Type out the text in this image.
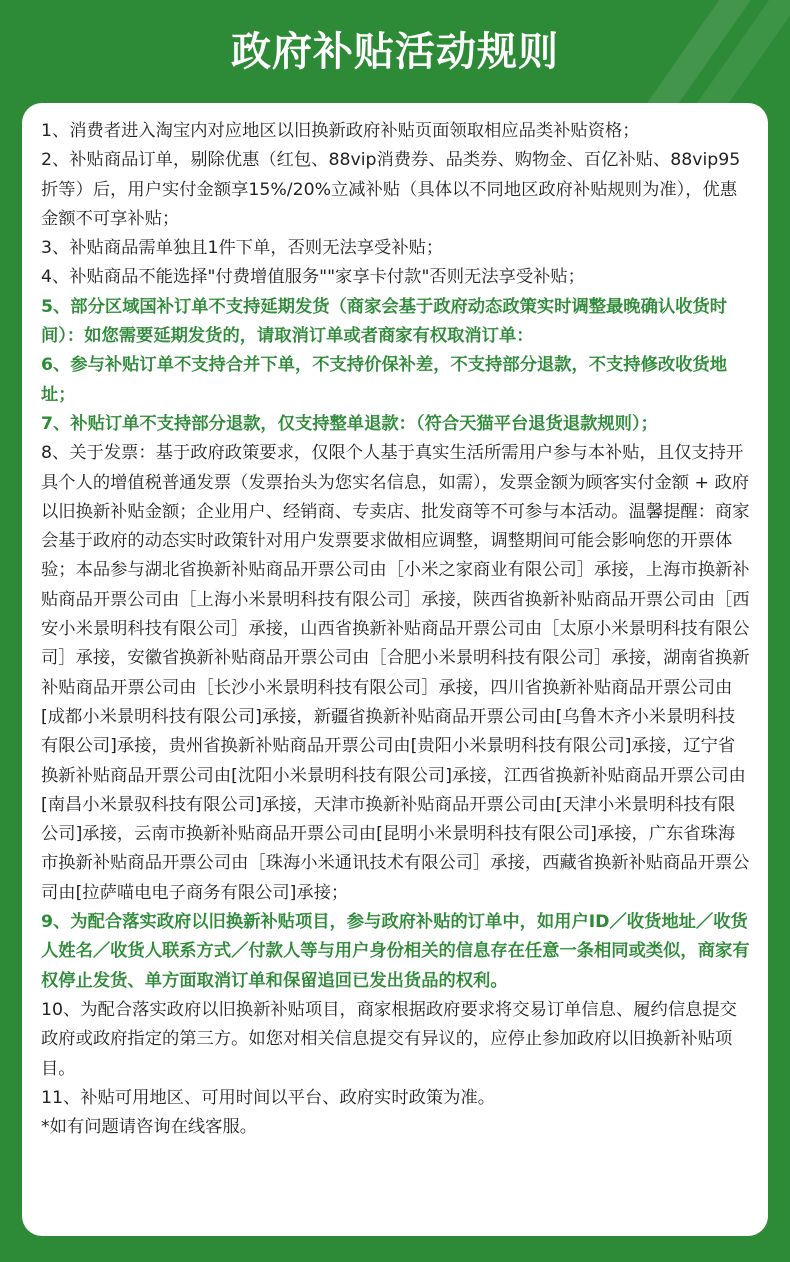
政府补贴活动规则

1、消费者进入淘宝内对应地区以旧换新政府补贴页面领取相应品类补贴资格；

2、补贴商品订单，剔除优惠（红包、88vip消费券、品类券、购物金、百亿补贴、88vip95折等）后，用户实付金额享15%/20%立减补贴（具体以不同地区政府补贴规则为准），优惠金额不可享补贴；

3、补贴商品需单独且1件下单，否则无法享受补贴；

4、补贴商品不能选择"付费增值服务""家享卡付款"否则无法享受补贴；

5、部分区域国补订单不支持延期发货（商家会基于政府动态政策实时调整最晚确认收货时间）：如您需要延期发货的，请取消订单或者商家有权取消订单：

6、参与补贴订单不支持合并下单，不支持价保补差，不支持部分退款，不支持修改收货地址；

7、补贴订单不支持部分退款，仅支持整单退款：（符合天猫平台退货退款规则）；

8、关于发票：基于政府政策要求，仅限个人基于真实生活所需用户参与本补贴，且仅支持开具个人的增值税普通发票（发票抬头为您实名信息，如需），发票金额为顾客实付金额 + 政府以旧换新补贴金额；企业用户、经销商、专卖店、批发商等不可参与本活动。温馨提醒：商家会基于政府的动态实时政策针对用户发票要求做相应调整，调整期间可能会影响您的开票体验；本品参与湖北省换新补贴商品开票公司由［小米之家商业有限公司］承接，上海市换新补贴商品开票公司由［上海小米景明科技有限公司］承接，陕西省换新补贴商品开票公司由［西安小米景明科技有限公司］承接，山西省换新补贴商品开票公司由［太原小米景明科技有限公司］承接，安徽省换新补贴商品开票公司由［合肥小米景明科技有限公司］承接，湖南省换新补贴商品开票公司由［长沙小米景明科技有限公司］承接，四川省换新补贴商品开票公司由[成都小米景明科技有限公司]承接，新疆省换新补贴商品开票公司由[乌鲁木齐小米景明科技有限公司]承接，贵州省换新补贴商品开票公司由[贵阳小米景明科技有限公司]承接，辽宁省换新补贴商品开票公司由[沈阳小米景明科技有限公司]承接，江西省换新补贴商品开票公司由[南昌小米景驭科技有限公司]承接，天津市换新补贴商品开票公司由[天津小米景明科技有限公司]承接，云南市换新补贴商品开票公司由[昆明小米景明科技有限公司]承接，广东省珠海市换新补贴商品开票公司由［珠海小米通讯技术有限公司］承接，西藏省换新补贴商品开票公司由[拉萨喵电电子商务有限公司]承接；

9、为配合落实政府以旧换新补贴项目，参与政府补贴的订单中，如用户ID／收货地址／收货人姓名／收货人联系方式／付款人等与用户身份相关的信息存在任意一条相同或类似，商家有权停止发货、单方面取消订单和保留追回已发出货品的权利。

10、为配合落实政府以旧换新补贴项目，商家根据政府要求将交易订单信息、履约信息提交政府或政府指定的第三方。如您对相关信息提交有异议的，应停止参加政府以旧换新补贴项目。

11、补贴可用地区、可用时间以平台、政府实时政策为准。

*如有问题请咨询在线客服。
